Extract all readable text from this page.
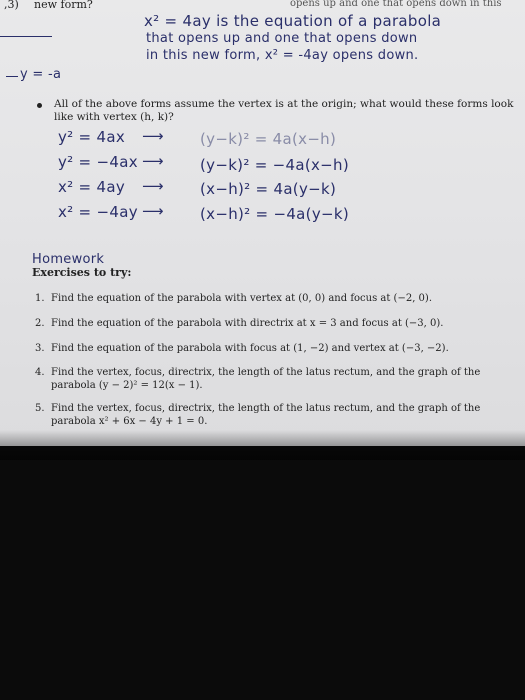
,3) new form?	opens up and one that opens down in this
x² = 4ay is the equation of a parabola
that opens up and one that opens down
in this new form, x² = -4ay opens down.
y = -a
All of the above forms assume the vertex is at the origin; what would these forms look
like with vertex (h, k)?
y² = 4ax ⟶ (y−k)² = 4a(x−h)
y² = −4ax ⟶ (y−k)² = −4a(x−h)
x² = 4ay ⟶ (x−h)² = 4a(y−k)
x² = −4ay ⟶ (x−h)² = −4a(y−k)
Homework
Exercises to try:
1. Find the equation of the parabola with vertex at (0, 0) and focus at (−2, 0).
2. Find the equation of the parabola with directrix at x = 3 and focus at (−3, 0).
3. Find the equation of the parabola with focus at (1, −2) and vertex at (−3, −2).
4. Find the vertex, focus, directrix, the length of the latus rectum, and the graph of the
parabola (y − 2)² = 12(x − 1).
5. Find the vertex, focus, directrix, the length of the latus rectum, and the graph of the
parabola x² + 6x − 4y + 1 = 0.
